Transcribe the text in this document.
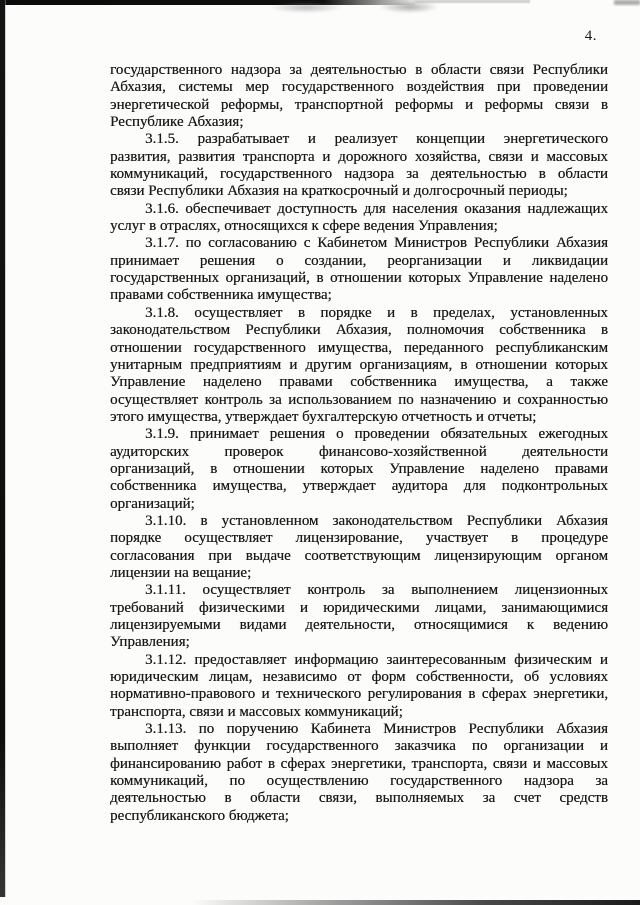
4.
государственного надзора за деятельностью в области связи Республики
Абхазия, системы мер государственного воздействия при проведении
энергетической реформы, транспортной реформы и реформы связи в
Республике Абхазия;
3.1.5. разрабатывает и реализует концепции энергетического
развития, развития транспорта и дорожного хозяйства, связи и массовых
коммуникаций, государственного надзора за деятельностью в области
связи Республики Абхазия на краткосрочный и долгосрочный периоды;
3.1.6. обеспечивает доступность для населения оказания надлежащих
услуг в отраслях, относящихся к сфере ведения Управления;
3.1.7. по согласованию с Кабинетом Министров Республики Абхазия
принимает решения о создании, реорганизации и ликвидации
государственных организаций, в отношении которых Управление наделено
правами собственника имущества;
3.1.8. осуществляет в порядке и в пределах, установленных
законодательством Республики Абхазия, полномочия собственника в
отношении государственного имущества, переданного республиканским
унитарным предприятиям и другим организациям, в отношении которых
Управление наделено правами собственника имущества, а также
осуществляет контроль за использованием по назначению и сохранностью
этого имущества, утверждает бухгалтерскую отчетность и отчеты;
3.1.9. принимает решения о проведении обязательных ежегодных
аудиторских проверок финансово-хозяйственной деятельности
организаций, в отношении которых Управление наделено правами
собственника имущества, утверждает аудитора для подконтрольных
организаций;
3.1.10. в установленном законодательством Республики Абхазия
порядке осуществляет лицензирование, участвует в процедуре
согласования при выдаче соответствующим лицензирующим органом
лицензии на вещание;
3.1.11. осуществляет контроль за выполнением лицензионных
требований физическими и юридическими лицами, занимающимися
лицензируемыми видами деятельности, относящимися к ведению
Управления;
3.1.12. предоставляет информацию заинтересованным физическим и
юридическим лицам, независимо от форм собственности, об условиях
нормативно-правового и технического регулирования в сферах энергетики,
транспорта, связи и массовых коммуникаций;
3.1.13. по поручению Кабинета Министров Республики Абхазия
выполняет функции государственного заказчика по организации и
финансированию работ в сферах энергетики, транспорта, связи и массовых
коммуникаций, по осуществлению государственного надзора за
деятельностью в области связи, выполняемых за счет средств
республиканского бюджета;
